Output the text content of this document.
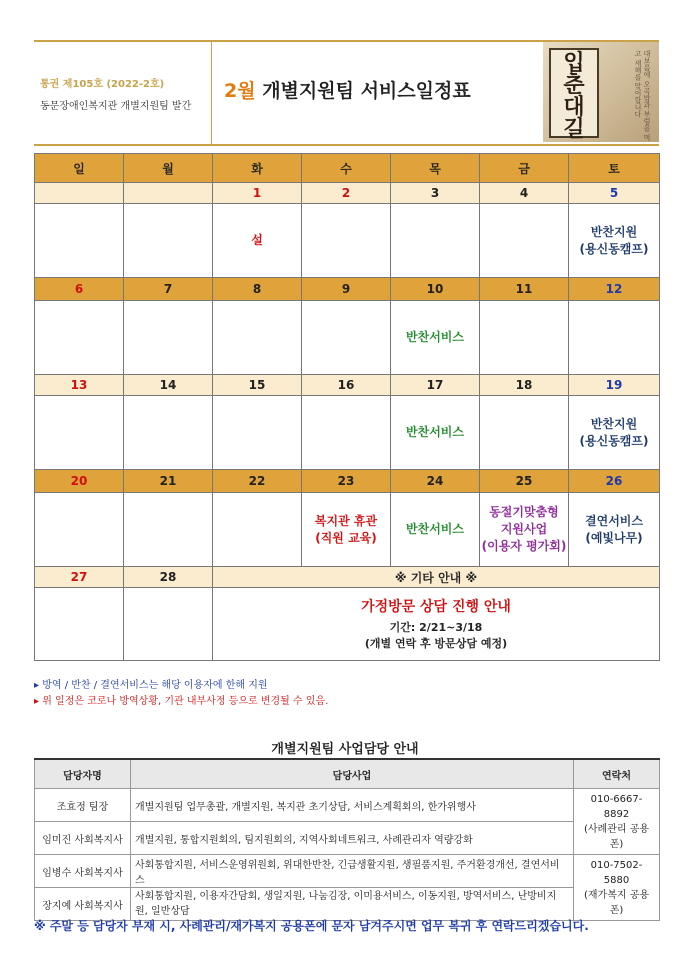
통권 제105호 (2022-2호)
동문장애인복지관 개별지원팀 발간
2월 개별지원팀 서비스일정표
입
춘
대
길	대보름에 오곡밥과 부럼을 먹고 새해를 맞이합니다
일	월	화	수	목	금	토
		1	2	3	4	5

		설				반찬지원
(용신동캠프)

6	7	8	9	10	11	12

				반찬서비스		

13	14	15	16	17	18	19

				반찬서비스		반찬지원
(용신동캠프)

20	21	22	23	24	25	26

			복지관 휴관
(직원 교육)	반찬서비스	동절기맞춤형
지원사업
(이용자 평가회)	결연서비스
(예빛나무)

27	28	※ 기타 안내 ※				

		가정방문 상담 진행 안내
기간: 2/21~3/18
(개별 연락 후 방문상담 예정)				
▸ 방역 / 반찬 / 결연서비스는 해당 이용자에 한해 지원
▸ 위 일정은 코로나 방역상황, 기관 내부사정 등으로 변경될 수 있음.
개별지원팀 사업담당 안내
담당자명	담당사업	연락처
조효정 팀장	개별지원팀 업무총괄, 개별지원, 복지관 초기상담, 서비스계획회의, 한가위행사	010-6667-8892
(사례관리 공용폰)

임미진 사회복지사	개별지원, 통합지원회의, 팀지원회의, 지역사회네트워크, 사례관리자 역량강화	
임병수 사회복지사	사회통합지원, 서비스운영위원회, 위대한반찬, 긴급생활지원, 생필품지원, 주거환경개선, 결연서비스	010-7502-5880
(재가복지 공용폰)

장지예 사회복지사	사회통합지원, 이용자간담회, 생일지원, 나눔김장, 이미용서비스, 이동지원, 방역서비스, 난방비지원, 일반상담	
※ 주말 등 담당자 부재 시, 사례관리/재가복지 공용폰에 문자 남겨주시면 업무 복귀 후 연락드리겠습니다.
